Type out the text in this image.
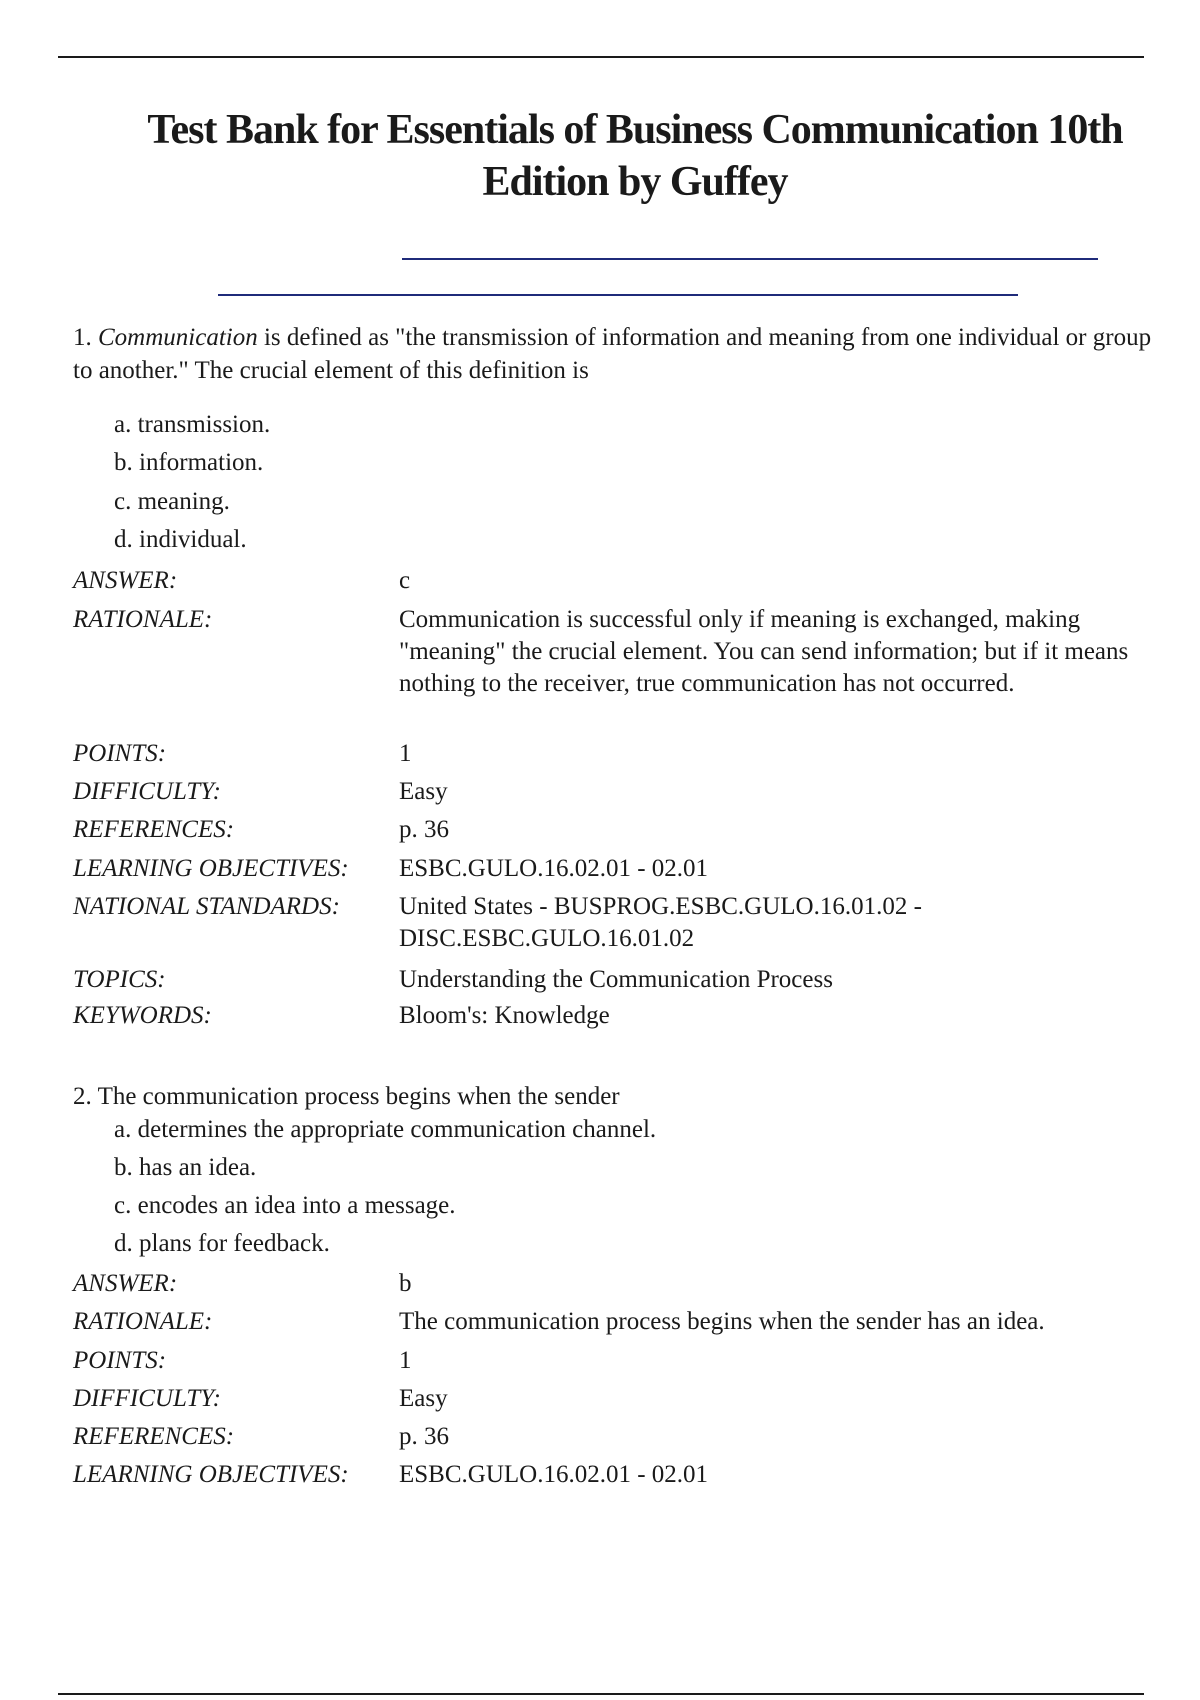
Test Bank for Essentials of Business Communication 10th Edition by Guffey
1. Communication is defined as "the transmission of information and meaning from one individual or group to another." The crucial element of this definition is
a. transmission.
b. information.
c. meaning.
d. individual.
ANSWER:	c
RATIONALE:	Communication is successful only if meaning is exchanged, making "meaning" the crucial element. You can send information; but if it means nothing to the receiver, true communication has not occurred.
POINTS:	1
DIFFICULTY:	Easy
REFERENCES:	p. 36
LEARNING OBJECTIVES: ESBC.GULO.16.02.01 - 02.01
NATIONAL STANDARDS: United States - BUSPROG.ESBC.GULO.16.01.02 - DISC.ESBC.GULO.16.01.02
TOPICS:	Understanding the Communication Process
KEYWORDS:	Bloom's: Knowledge
2. The communication process begins when the sender
a. determines the appropriate communication channel.
b. has an idea.
c. encodes an idea into a message.
d. plans for feedback.
ANSWER:	b
RATIONALE:	The communication process begins when the sender has an idea.
POINTS:	1
DIFFICULTY:	Easy
REFERENCES:	p. 36
LEARNING OBJECTIVES: ESBC.GULO.16.02.01 - 02.01
